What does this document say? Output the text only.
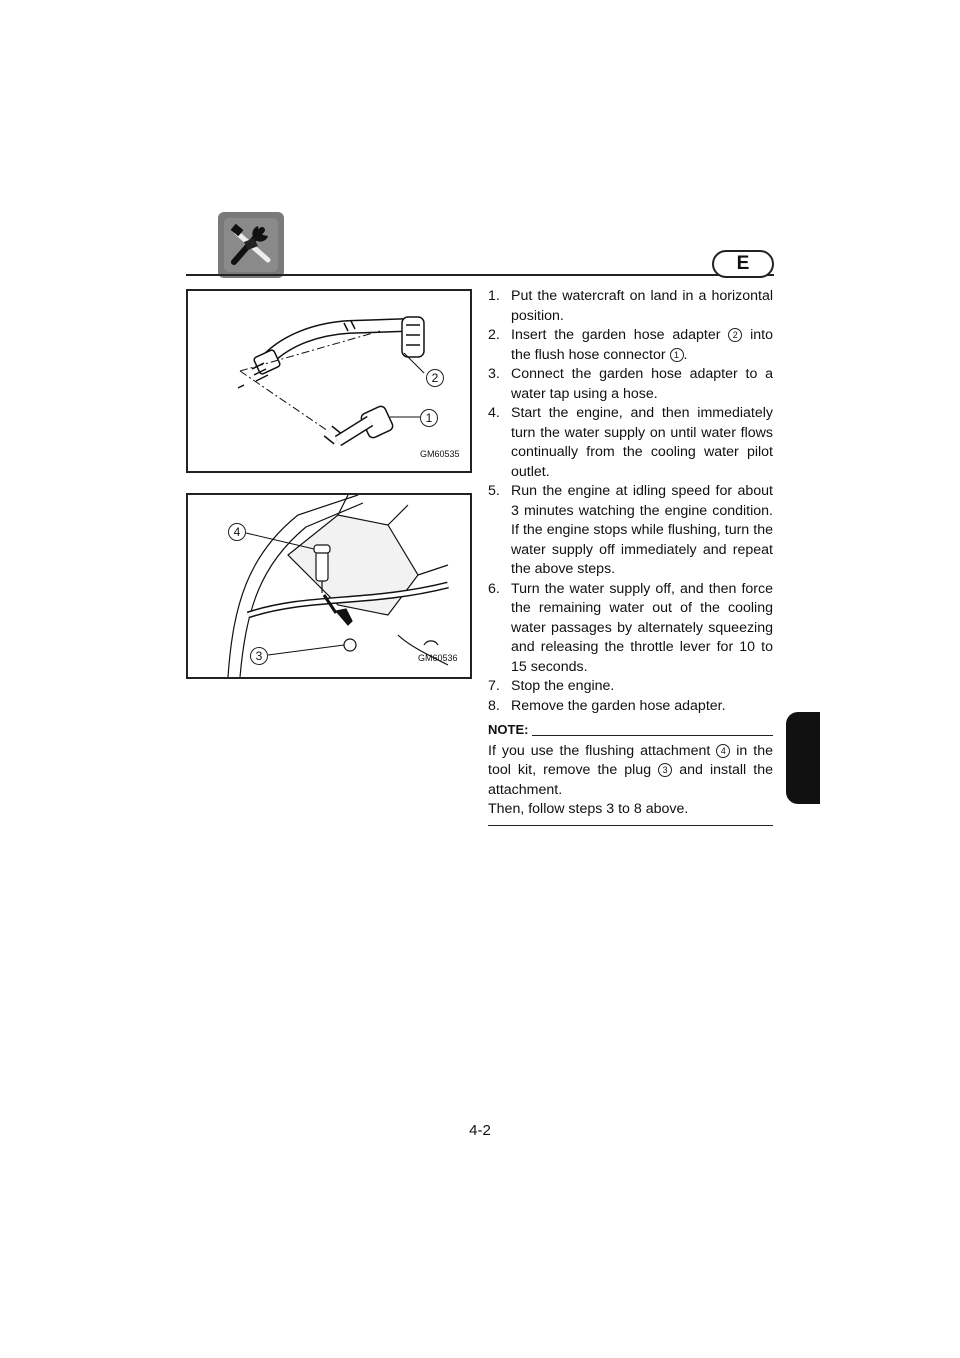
E
2
1
GM60535
4
3	GM60536
1. Put the watercraft on land in a horizontal position.
2. Insert the garden hose adapter 2 into the flush hose connector 1 .
3. Connect the garden hose adapter to a water tap using a hose.
4. Start the engine, and then immediately turn the water supply on until water flows continually from the cooling water pilot outlet.
5. Run the engine at idling speed for about 3 minutes watching the engine condition. If the engine stops while flushing, turn the water supply off immediately and repeat the above steps.
6. Turn the water supply off, and then force the remaining water out of the cooling water passages by alternately squeezing and releasing the throttle lever for 10 to 15 seconds.
7. Stop the engine.
8. Remove the garden hose adapter.
NOTE:
If you use the flushing attachment 4 in the tool kit, remove the plug 3 and install the attachment.
Then, follow steps 3 to 8 above.
4-2
